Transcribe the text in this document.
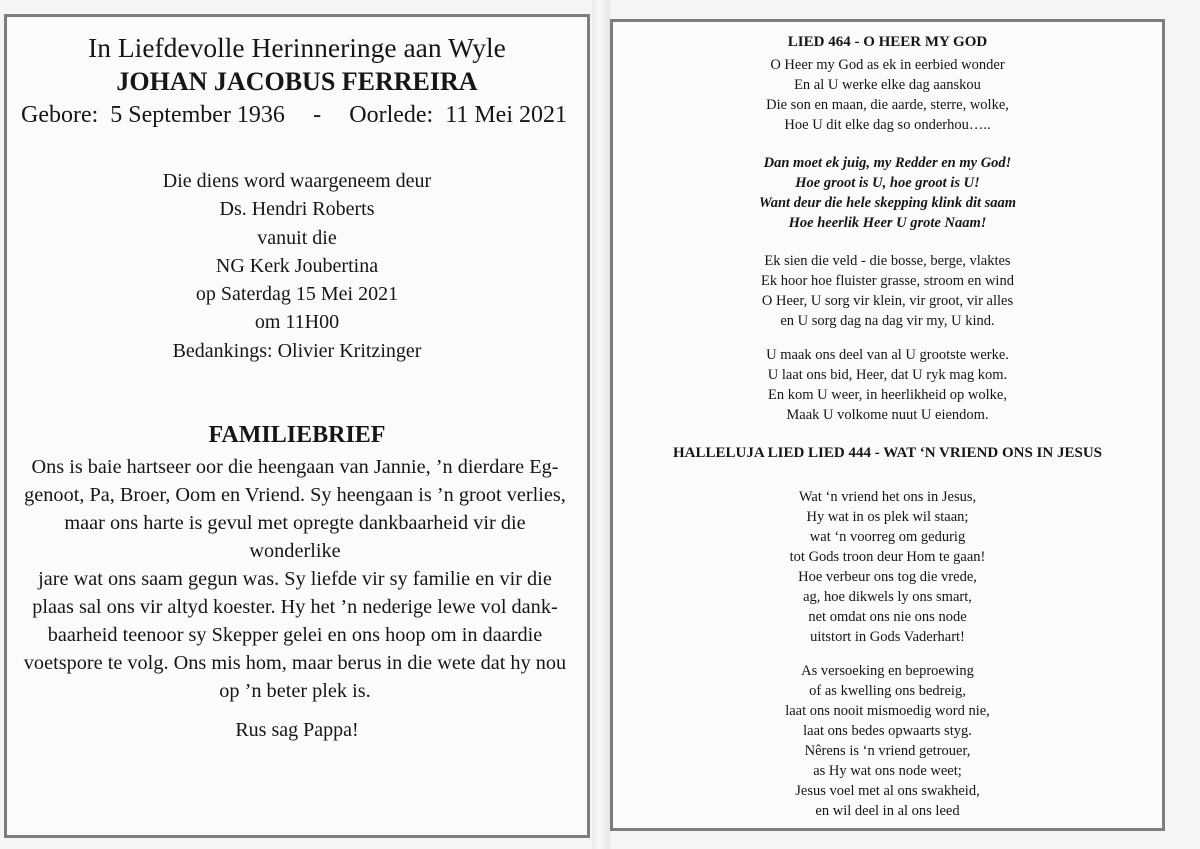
In Liefdevolle Herinneringe aan Wyle
JOHAN JACOBUS FERREIRA
Gebore: 5 September 1936 - Oorlede: 11 Mei 2021
Die diens word waargeneem deur
Ds. Hendri Roberts
vanuit die
NG Kerk Joubertina
op Saterdag 15 Mei 2021
om 11H00
Bedankings: Olivier Kritzinger
FAMILIEBRIEF
Ons is baie hartseer oor die heengaan van Jannie, ’n dierdare Eg-
genoot, Pa, Broer, Oom en Vriend. Sy heengaan is ’n groot verlies,
maar ons harte is gevul met opregte dankbaarheid vir die wonderlike
jare wat ons saam gegun was. Sy liefde vir sy familie en vir die
plaas sal ons vir altyd koester. Hy het ’n nederige lewe vol dank-
baarheid teenoor sy Skepper gelei en ons hoop om in daardie
voetspore te volg. Ons mis hom, maar berus in die wete dat hy nou
op ’n beter plek is.
Rus sag Pappa!
LIED 464 - O HEER MY GOD
O Heer my God as ek in eerbied wonder
En al U werke elke dag aanskou
Die son en maan, die aarde, sterre, wolke,
Hoe U dit elke dag so onderhou…..
Dan moet ek juig, my Redder en my God!
Hoe groot is U, hoe groot is U!
Want deur die hele skepping klink dit saam
Hoe heerlik Heer U grote Naam!
Ek sien die veld - die bosse, berge, vlaktes
Ek hoor hoe fluister grasse, stroom en wind
O Heer, U sorg vir klein, vir groot, vir alles
en U sorg dag na dag vir my, U kind.
U maak ons deel van al U grootste werke.
U laat ons bid, Heer, dat U ryk mag kom.
En kom U weer, in heerlikheid op wolke,
Maak U volkome nuut U eiendom.
HALLELUJA LIED LIED 444 - WAT ‘N VRIEND ONS IN JESUS
Wat ‘n vriend het ons in Jesus,
Hy wat in os plek wil staan;
wat ‘n voorreg om gedurig
tot Gods troon deur Hom te gaan!
Hoe verbeur ons tog die vrede,
ag, hoe dikwels ly ons smart,
net omdat ons nie ons node
uitstort in Gods Vaderhart!
As versoeking en beproewing
of as kwelling ons bedreig,
laat ons nooit mismoedig word nie,
laat ons bedes opwaarts styg.
Nêrens is ‘n vriend getrouer,
as Hy wat ons node weet;
Jesus voel met al ons swakheid,
en wil deel in al ons leed
